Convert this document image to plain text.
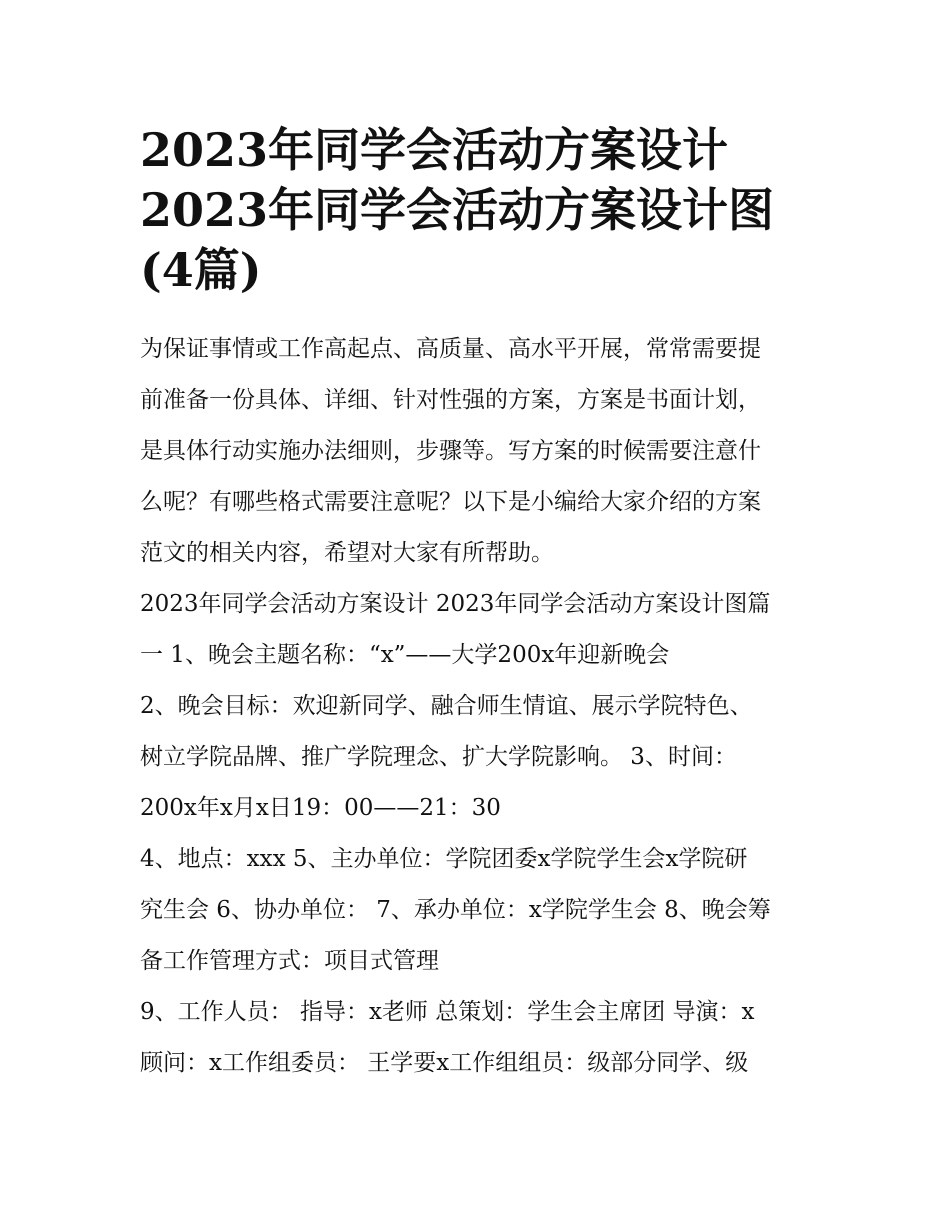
2023年同学会活动方案设计
2023年同学会活动方案设计图
(4篇)
为保证事情或工作高起点、高质量、高水平开展，常常需要提
前准备一份具体、详细、针对性强的方案，方案是书面计划，
是具体行动实施办法细则，步骤等。写方案的时候需要注意什
么呢？有哪些格式需要注意呢？以下是小编给大家介绍的方案
范文的相关内容，希望对大家有所帮助。
2023年同学会活动方案设计 2023年同学会活动方案设计图篇
一 1、晚会主题名称：“x”——大学200x年迎新晚会
2、晚会目标：欢迎新同学、融合师生情谊、展示学院特色、
树立学院品牌、推广学院理念、扩大学院影响。 3、时间：
200x年x月x日19：00——21：30
4、地点：xxx 5、主办单位：学院团委x学院学生会x学院研
究生会 6、协办单位： 7、承办单位：x学院学生会 8、晚会筹
备工作管理方式：项目式管理
9、工作人员： 指导：x老师 总策划：学生会主席团 导演：x
顾问：x工作组委员： 王学要x工作组组员：级部分同学、级
